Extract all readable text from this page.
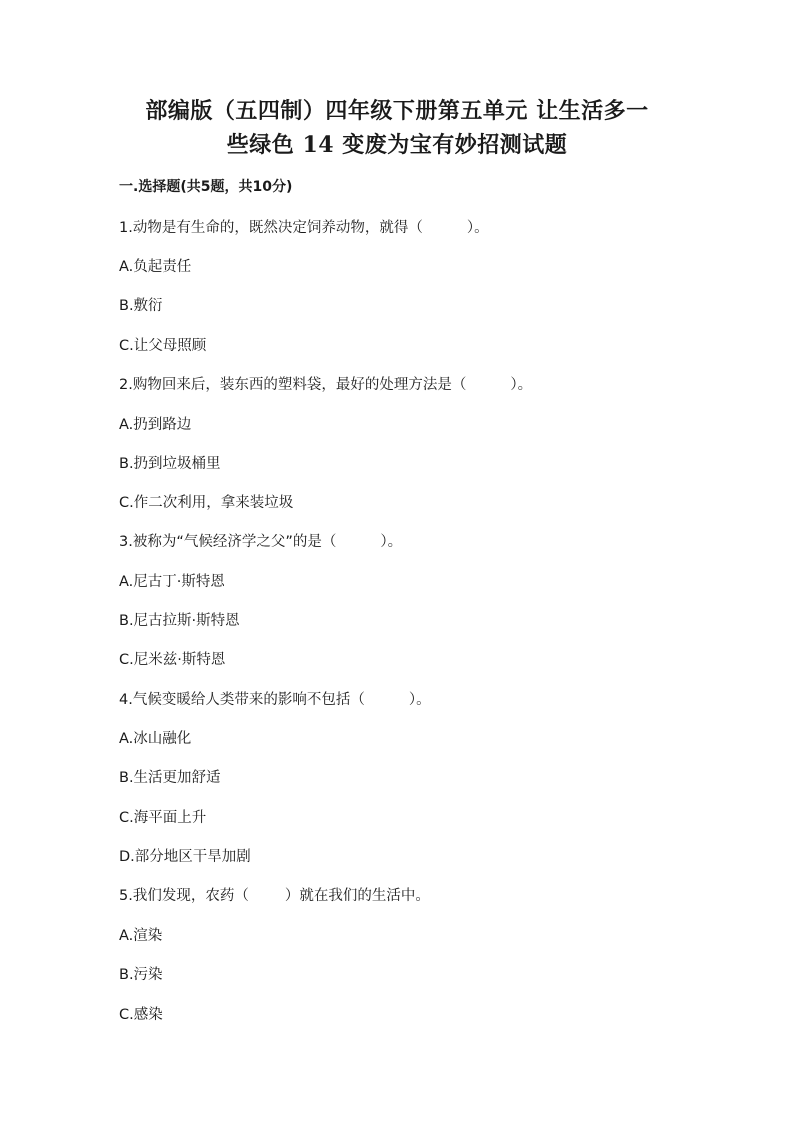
部编版（五四制）四年级下册第五单元 让生活多一
些绿色 14 变废为宝有妙招测试题
一.选择题(共5题，共10分)
1.动物是有生命的，既然决定饲养动物，就得（	）。
A.负起责任
B.敷衍
C.让父母照顾
2.购物回来后，装东西的塑料袋，最好的处理方法是（	）。
A.扔到路边
B.扔到垃圾桶里
C.作二次利用，拿来装垃圾
3.被称为“气候经济学之父”的是（	）。
A.尼古丁·斯特恩
B.尼古拉斯·斯特恩
C.尼米兹·斯特恩
4.气候变暖给人类带来的影响不包括（	）。
A.冰山融化
B.生活更加舒适
C.海平面上升
D.部分地区干旱加剧
5.我们发现，农药（ ）就在我们的生活中。
A.渲染
B.污染
C.感染
